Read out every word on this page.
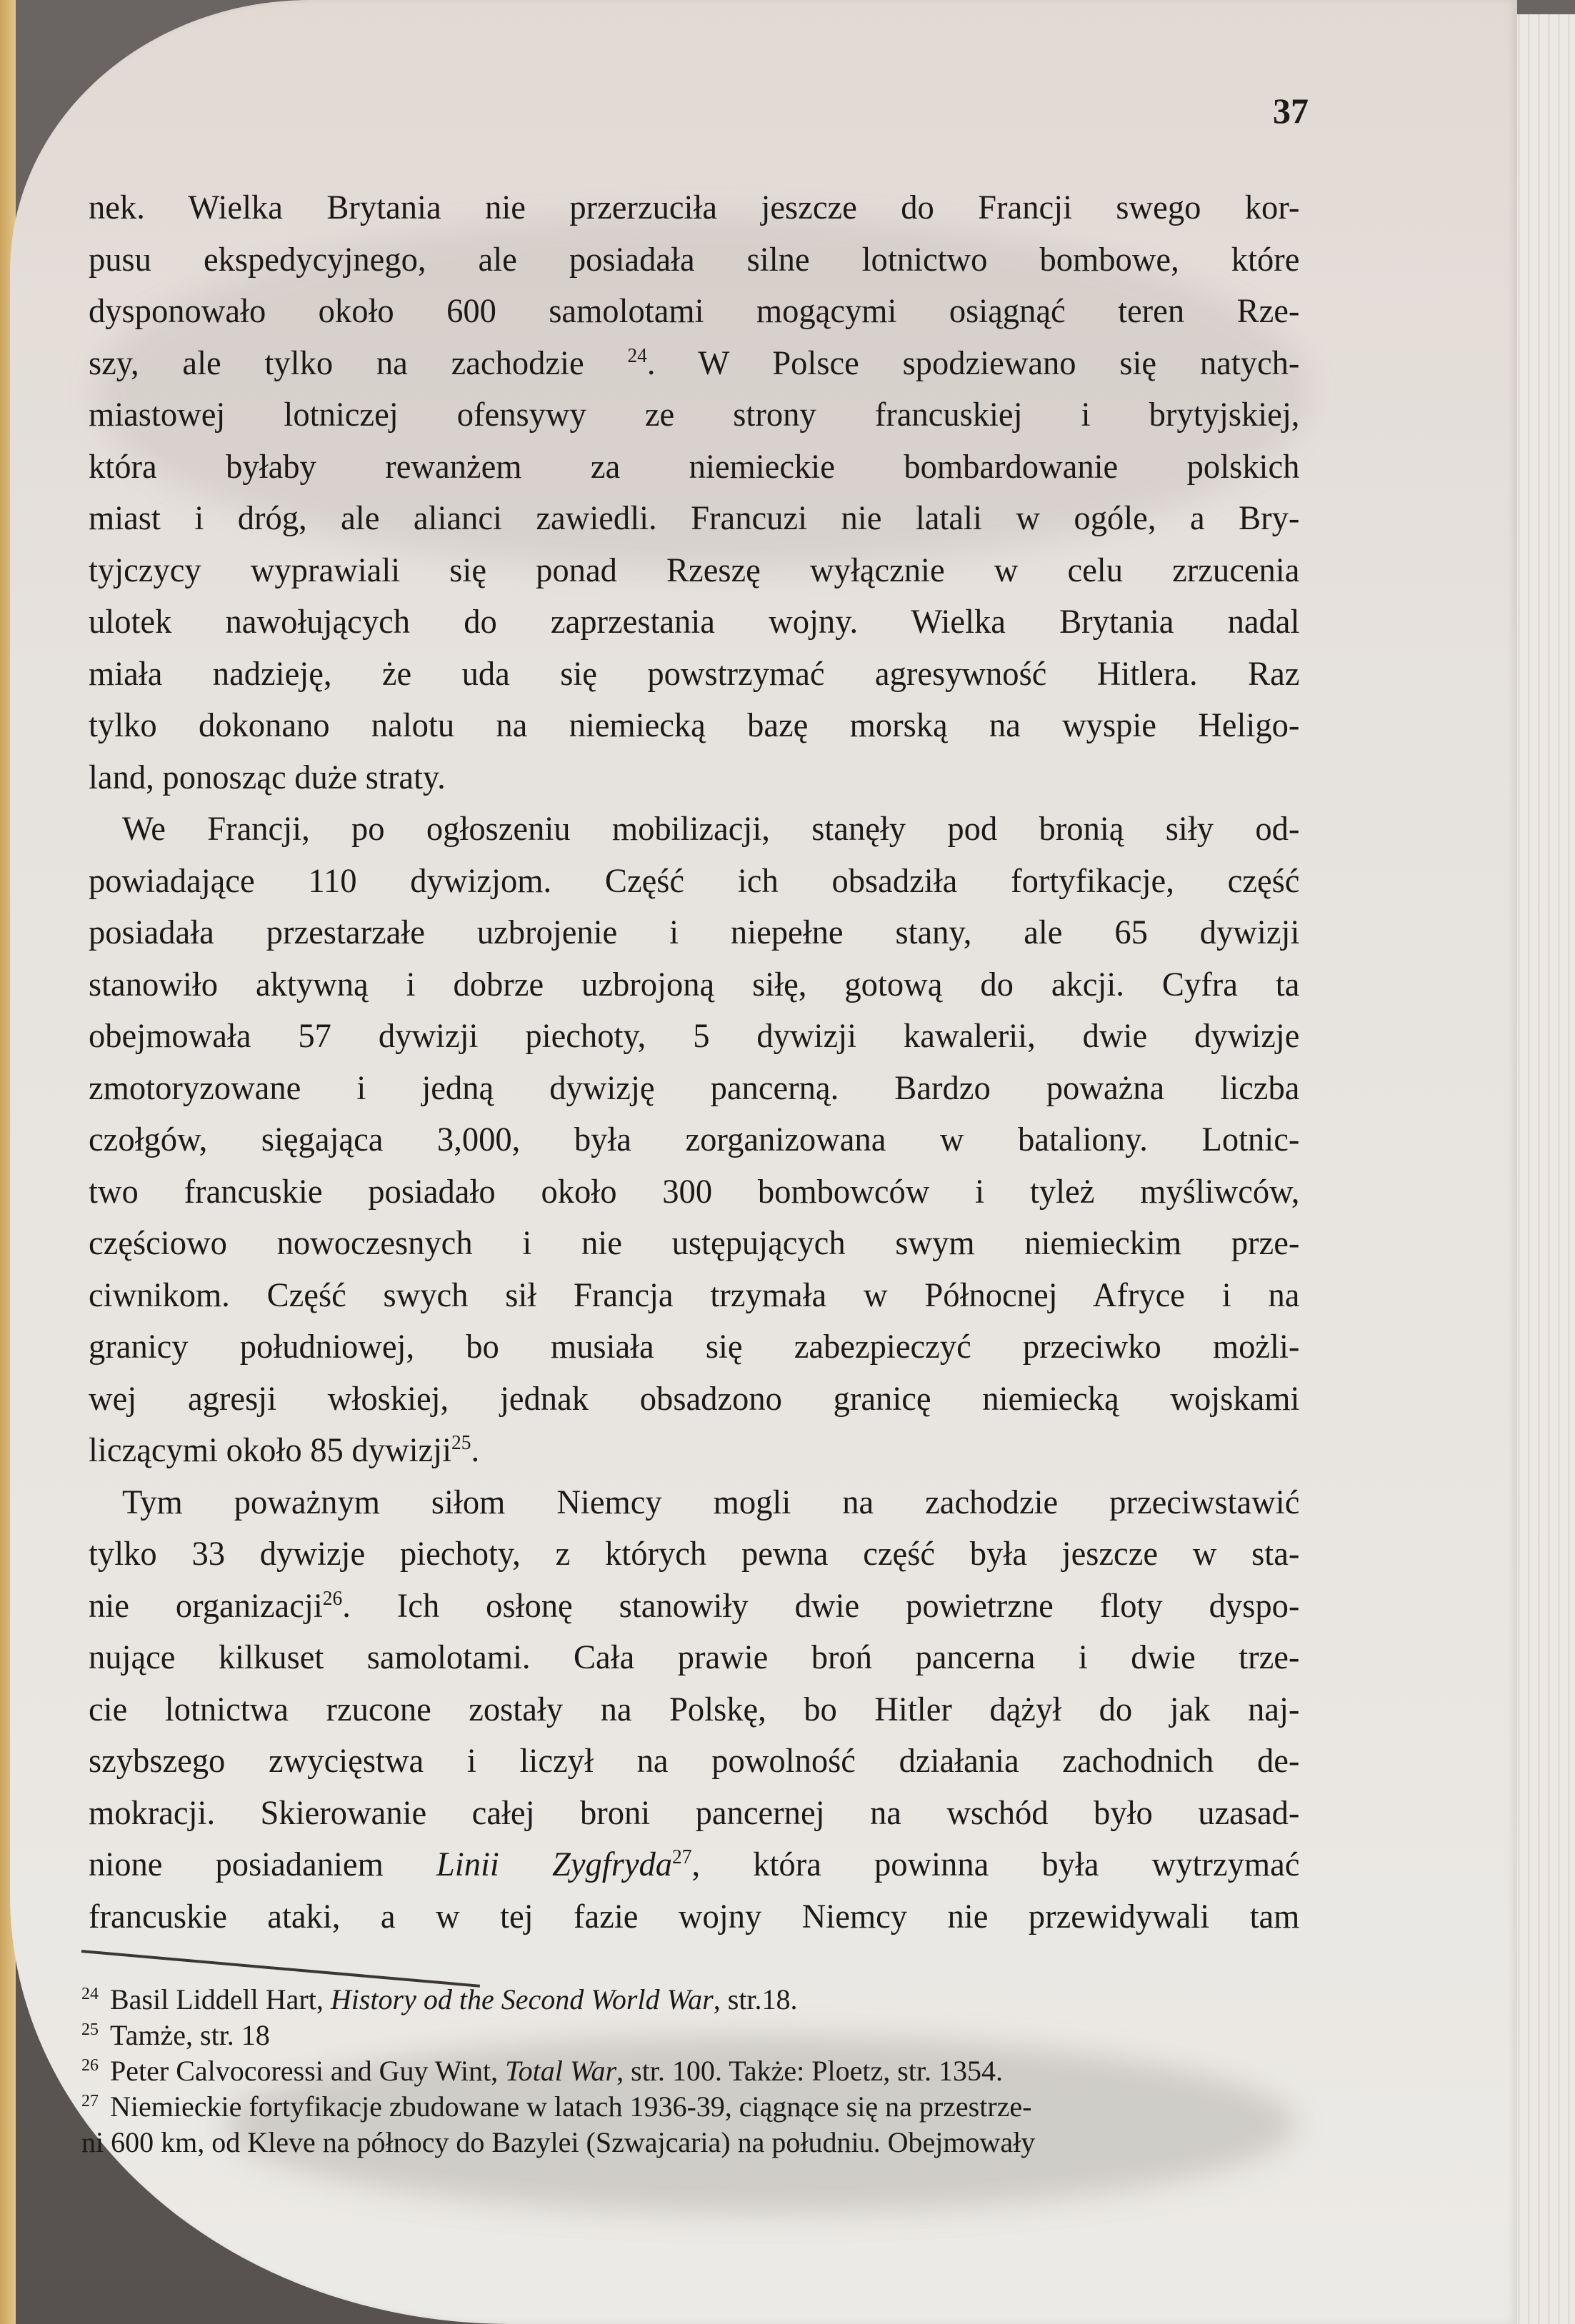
37
nek. Wielka Brytania nie przerzuciła jeszcze do Francji swego kor-
pusu ekspedycyjnego, ale posiadała silne lotnictwo bombowe, które
dysponowało około 600 samolotami mogącymi osiągnąć teren Rze-
szy, ale tylko na zachodzie $^{24}$. W Polsce spodziewano się natych-
miastowej lotniczej ofensywy ze strony francuskiej i brytyjskiej,
która byłaby rewanżem za niemieckie bombardowanie polskich
miast i dróg, ale alianci zawiedli. Francuzi nie latali w ogóle, a Bry-
tyjczycy wyprawiali się ponad Rzeszę wyłącznie w celu zrzucenia
ulotek nawołujących do zaprzestania wojny. Wielka Brytania nadal
miała nadzieję, że uda się powstrzymać agresywność Hitlera. Raz
tylko dokonano nalotu na niemiecką bazę morską na wyspie Heligo-
land, ponosząc duże straty.
We Francji, po ogłoszeniu mobilizacji, stanęły pod bronią siły od-
powiadające 110 dywizjom. Część ich obsadziła fortyfikacje, część
posiadała przestarzałe uzbrojenie i niepełne stany, ale 65 dywizji
stanowiło aktywną i dobrze uzbrojoną siłę, gotową do akcji. Cyfra ta
obejmowała 57 dywizji piechoty, 5 dywizji kawalerii, dwie dywizje
zmotoryzowane i jedną dywizję pancerną. Bardzo poważna liczba
czołgów, sięgająca 3,000, była zorganizowana w bataliony. Lotnic-
two francuskie posiadało około 300 bombowców i tyleż myśliwców,
częściowo nowoczesnych i nie ustępujących swym niemieckim prze-
ciwnikom. Część swych sił Francja trzymała w Północnej Afryce i na
granicy południowej, bo musiała się zabezpieczyć przeciwko możli-
wej agresji włoskiej, jednak obsadzono granicę niemiecką wojskami
liczącymi około 85 dywizji$^{25}$.
Tym poważnym siłom Niemcy mogli na zachodzie przeciwstawić
tylko 33 dywizje piechoty, z których pewna część była jeszcze w sta-
nie organizacji$^{26}$. Ich osłonę stanowiły dwie powietrzne floty dyspo-
nujące kilkuset samolotami. Cała prawie broń pancerna i dwie trze-
cie lotnictwa rzucone zostały na Polskę, bo Hitler dążył do jak naj-
szybszego zwycięstwa i liczył na powolność działania zachodnich de-
mokracji. Skierowanie całej broni pancernej na wschód było uzasad-
nione posiadaniem Linii Zygfryda$^{27}$, która powinna była wytrzymać
francuskie ataki, a w tej fazie wojny Niemcy nie przewidywali tam
24 Basil Liddell Hart, History od the Second World War, str.18.
25 Tamże, str. 18
26 Peter Calvocoressi and Guy Wint, Total War, str. 100. Także: Ploetz, str. 1354.
27 Niemieckie fortyfikacje zbudowane w latach 1936-39, ciągnące się na przestrze-
ni 600 km, od Kleve na północy do Bazylei (Szwajcaria) na południu. Obejmowały
